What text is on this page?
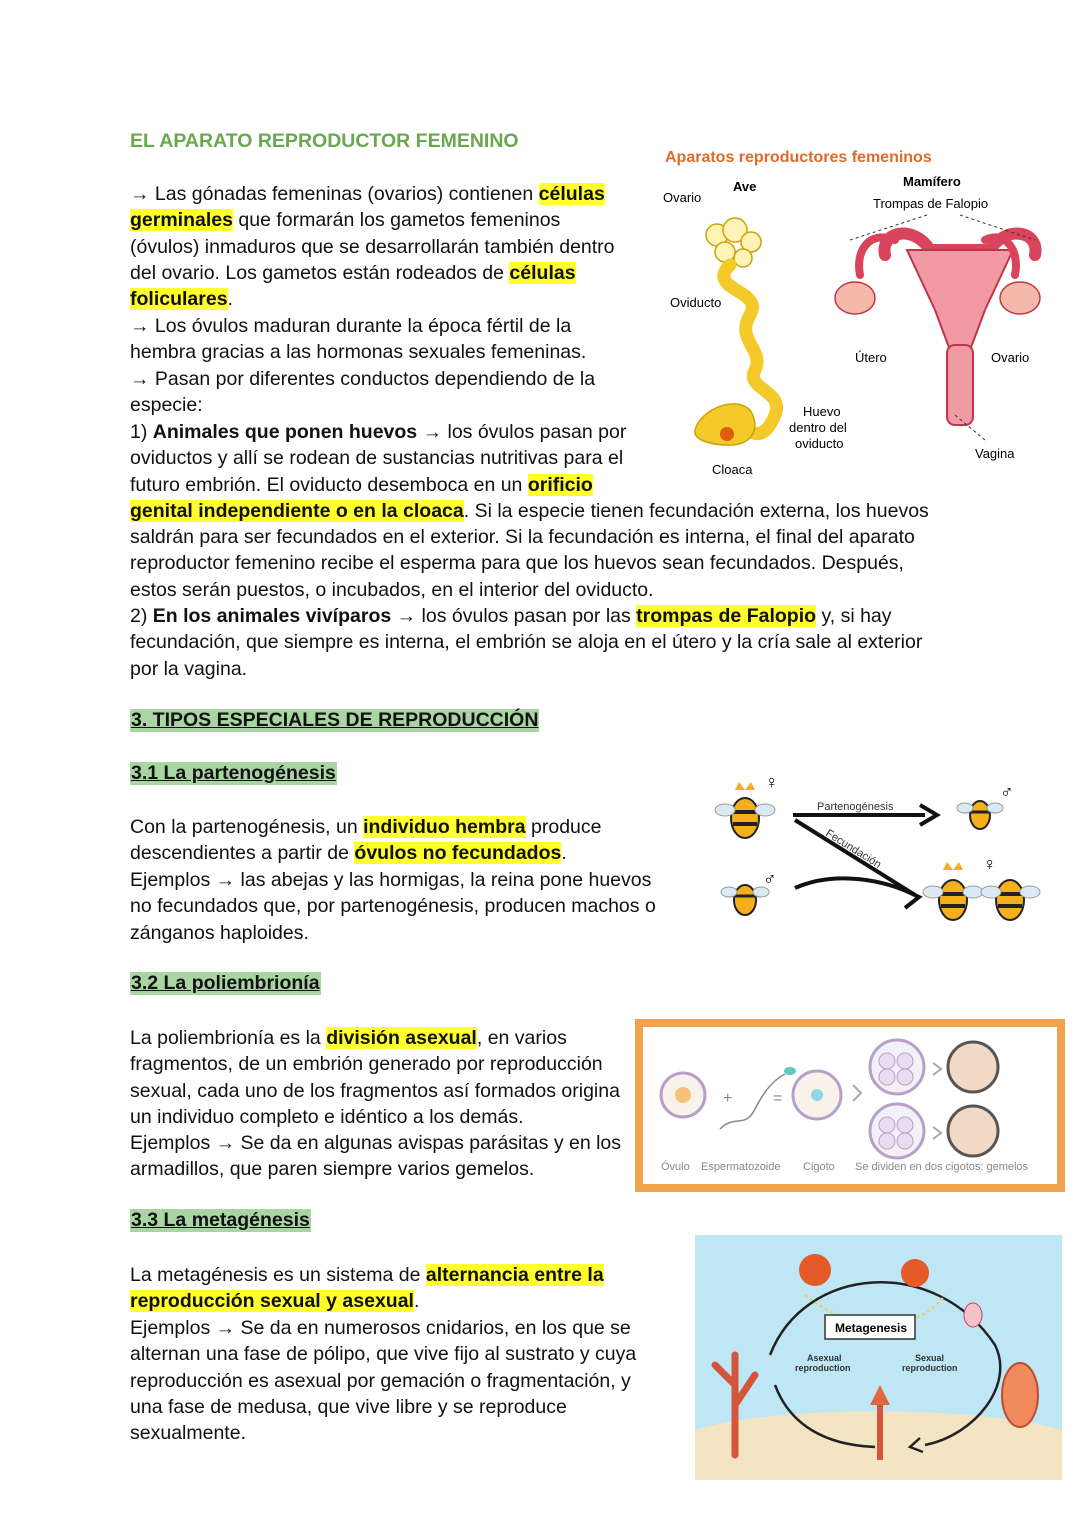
EL APARATO REPRODUCTOR FEMENINO

→ Las gónadas femeninas (ovarios) contienen células germinales que formarán los gametos femeninos (óvulos) inmaduros que se desarrollarán también dentro del ovario. Los gametos están rodeados de células foliculares.

→ Los óvulos maduran durante la época fértil de la hembra gracias a las hormonas sexuales femeninas.

→ Pasan por diferentes conductos dependiendo de la especie:

1) Animales que ponen huevos → los óvulos pasan por oviductos y allí se rodean de sustancias nutritivas para el futuro embrión. El oviducto desemboca en un orificio genital independiente o en la cloaca. Si la especie tienen fecundación externa, los huevos saldrán para ser fecundados en el exterior. Si la fecundación es interna, el final del aparato reproductor femenino recibe el esperma para que los huevos sean fecundados. Después, estos serán puestos, o incubados, en el interior del oviducto.

2) En los animales vivíparos → los óvulos pasan por las trompas de Falopio y, si hay fecundación, que siempre es interna, el embrión se aloja en el útero y la cría sale al exterior por la vagina.

Aparatos reproductores femeninos
Ave	Mamífero
Trompas de Falopio
Ovario
Oviducto
Cloaca
Huevo
dentro del
oviducto
Útero	Ovario
Vagina
3. TIPOS ESPECIALES DE REPRODUCCIÓN
3.1 La partenogénesis

Con la partenogénesis, un individuo hembra produce descendientes a partir de óvulos no fecundados.

Ejemplos → las abejas y las hormigas, la reina pone huevos no fecundados que, por partenogénesis, producen machos o zánganos haploides.

♀
♂
Partenogénesis
Fecundación
♂
♀
3.2 La poliembrionía

La poliembrionía es la división asexual, en varios fragmentos, de un embrión generado por reproducción sexual, cada uno de los fragmentos así formados origina un individuo completo e idéntico a los demás.

Ejemplos → Se da en algunas avispas parásitas y en los armadillos, que paren siempre varios gemelos.

+	=
Óvulo Espermatozoide Cigoto Se dividen en dos cigotos: gemelos
3.3 La metagénesis

La metagénesis es un sistema de alternancia entre la reproducción sexual y asexual.

Ejemplos → Se da en numerosos cnidarios, en los que se alternan una fase de pólipo, que vive fijo al sustrato y cuya reproducción es asexual por gemación o fragmentación, y una fase de medusa, que vive libre y se reproduce sexualmente.

Metagenesis
Asexual
reproduction
Sexual
reproduction
